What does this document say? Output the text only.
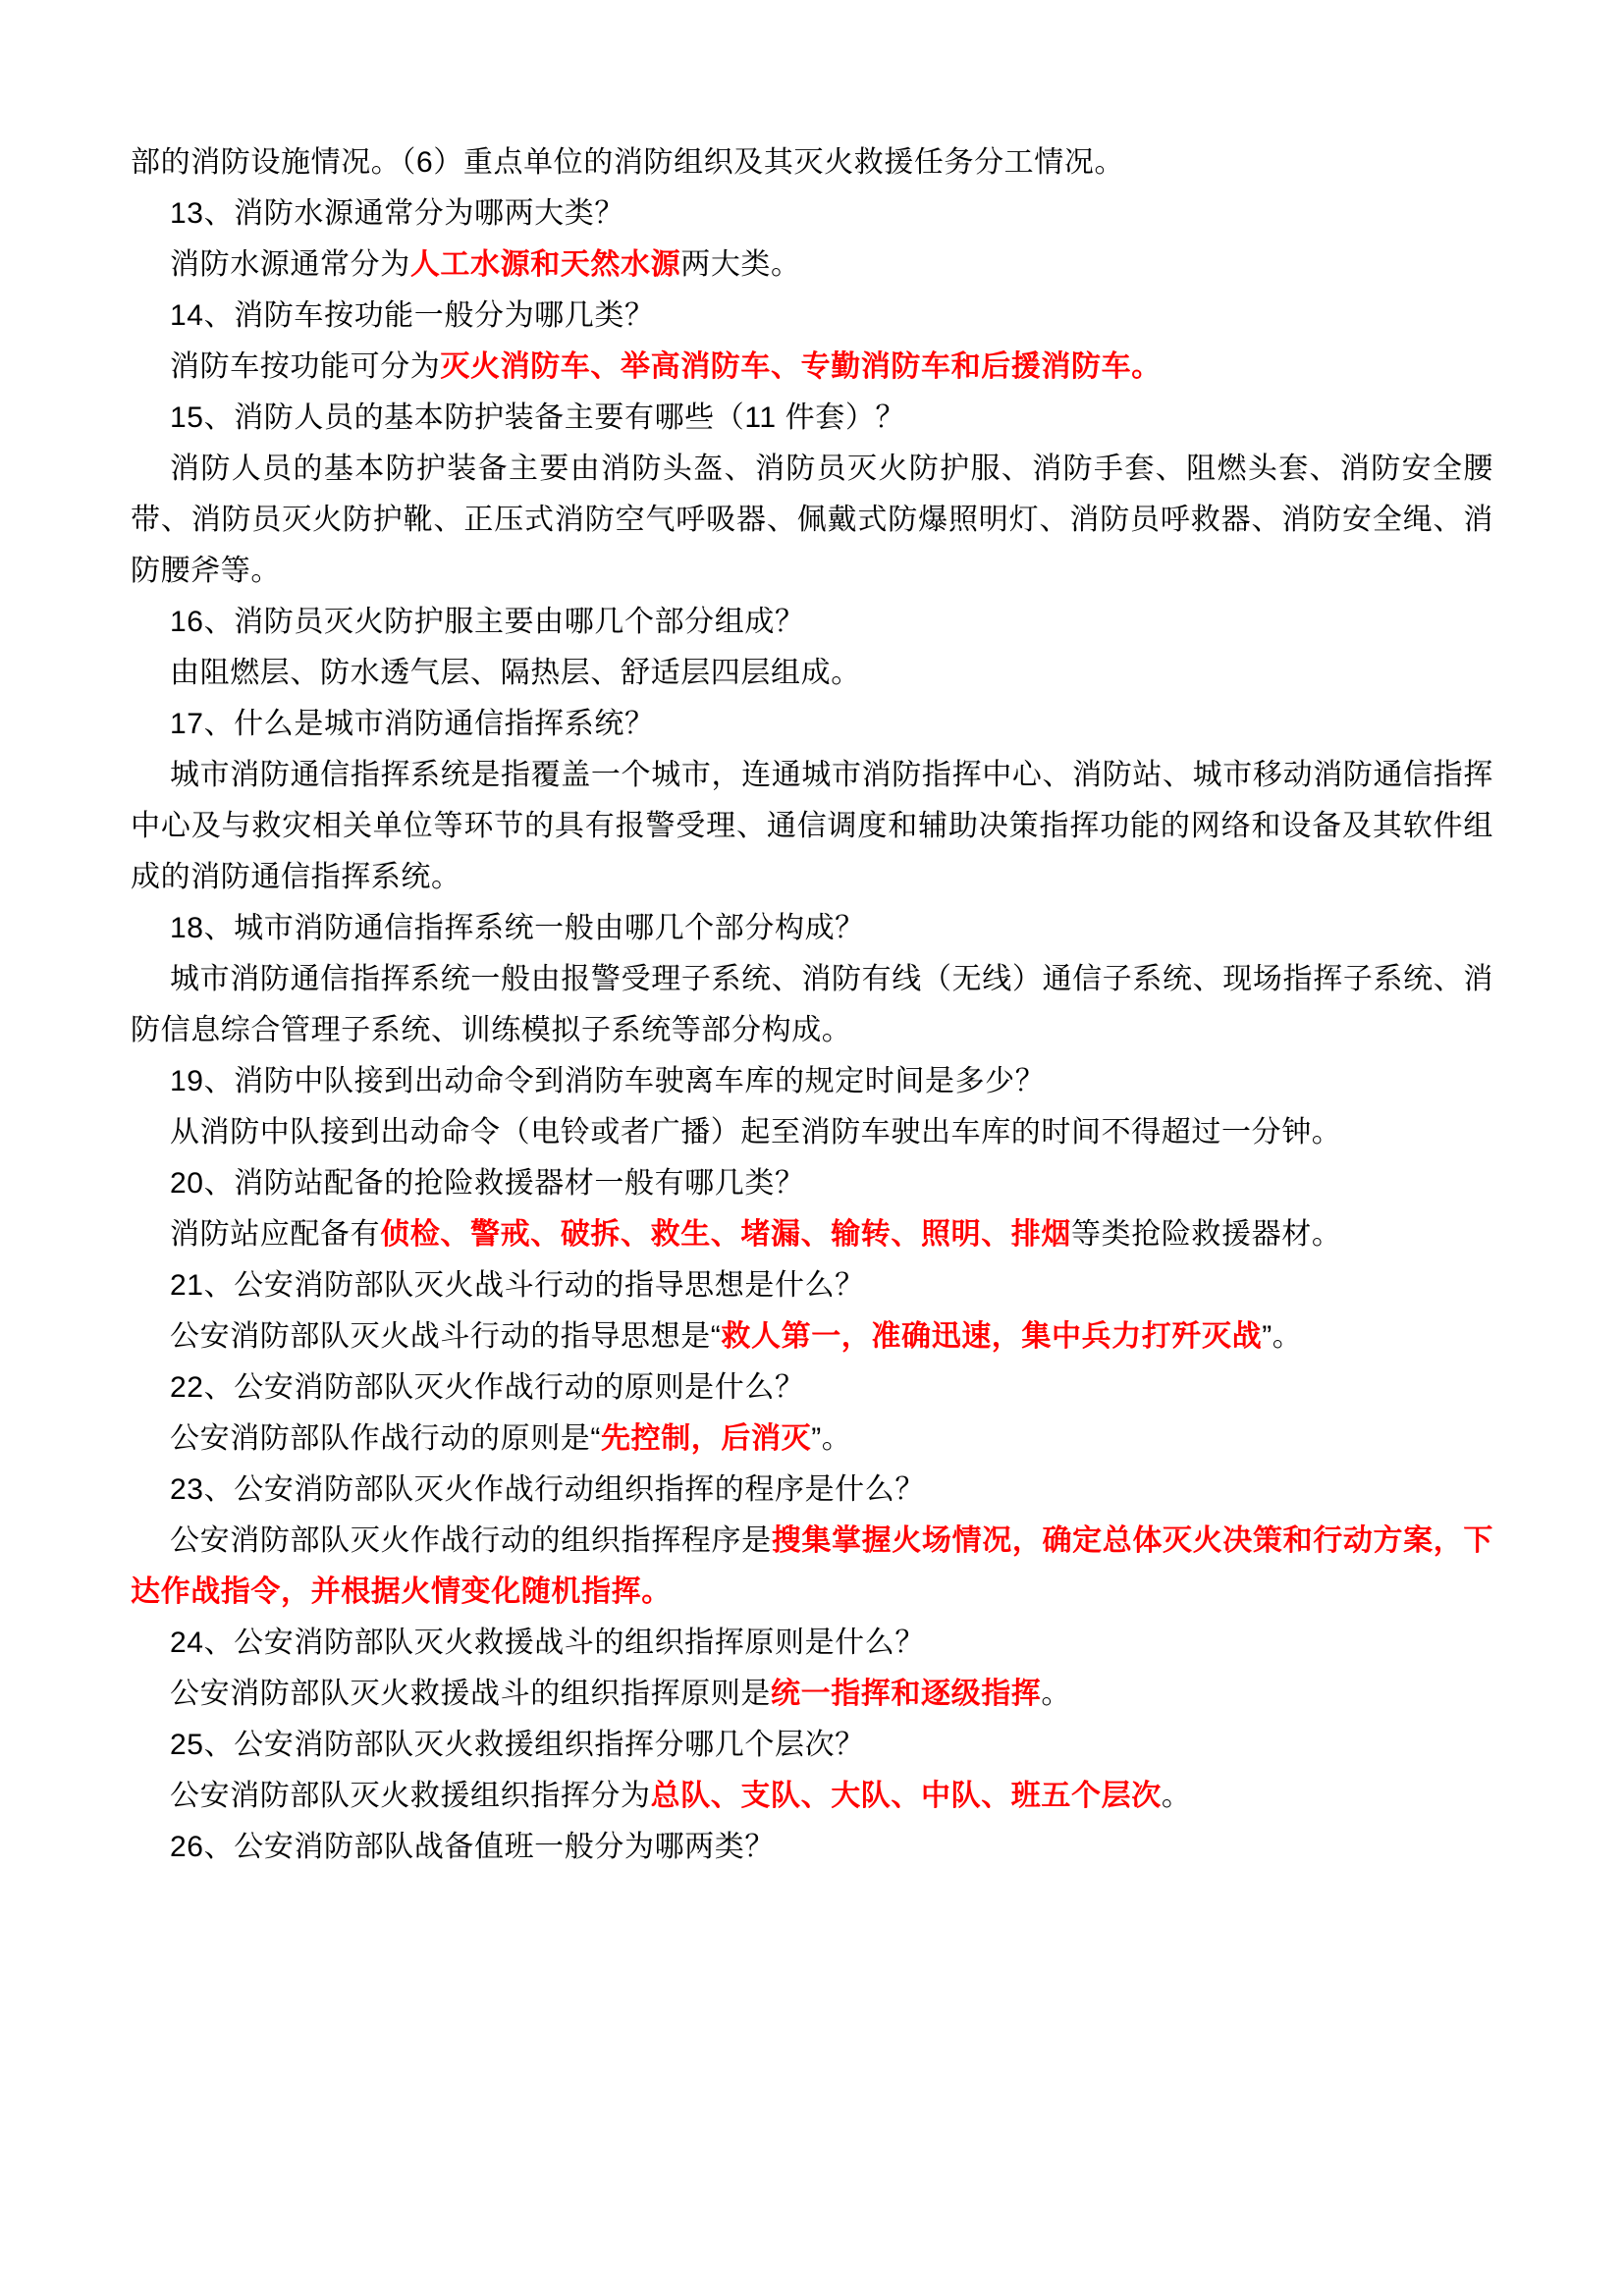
部的消防设施情况。（6）重点单位的消防组织及其灭火救援任务分工情况。

13、消防水源通常分为哪两大类？

消防水源通常分为人工水源和天然水源两大类。

14、消防车按功能一般分为哪几类？

消防车按功能可分为灭火消防车、举高消防车、专勤消防车和后援消防车。

15、消防人员的基本防护装备主要有哪些（11 件套）？

消防人员的基本防护装备主要由消防头盔、消防员灭火防护服、消防手套、阻燃头套、消防安全腰带、消防员灭火防护靴、正压式消防空气呼吸器、佩戴式防爆照明灯、消防员呼救器、消防安全绳、消防腰斧等。

16、消防员灭火防护服主要由哪几个部分组成？

由阻燃层、防水透气层、隔热层、舒适层四层组成。

17、什么是城市消防通信指挥系统？

城市消防通信指挥系统是指覆盖一个城市，连通城市消防指挥中心、消防站、城市移动消防通信指挥中心及与救灾相关单位等环节的具有报警受理、通信调度和辅助决策指挥功能的网络和设备及其软件组成的消防通信指挥系统。

18、城市消防通信指挥系统一般由哪几个部分构成？

城市消防通信指挥系统一般由报警受理子系统、消防有线（无线）通信子系统、现场指挥子系统、消防信息综合管理子系统、训练模拟子系统等部分构成。

19、消防中队接到出动命令到消防车驶离车库的规定时间是多少？

从消防中队接到出动命令（电铃或者广播）起至消防车驶出车库的时间不得超过一分钟。

20、消防站配备的抢险救援器材一般有哪几类？

消防站应配备有侦检、警戒、破拆、救生、堵漏、输转、照明、排烟等类抢险救援器材。

21、公安消防部队灭火战斗行动的指导思想是什么？

公安消防部队灭火战斗行动的指导思想是“救人第一，准确迅速，集中兵力打歼灭战”。

22、公安消防部队灭火作战行动的原则是什么？

公安消防部队作战行动的原则是“先控制，后消灭”。

23、公安消防部队灭火作战行动组织指挥的程序是什么？

公安消防部队灭火作战行动的组织指挥程序是搜集掌握火场情况，确定总体灭火决策和行动方案，下达作战指令，并根据火情变化随机指挥。

24、公安消防部队灭火救援战斗的组织指挥原则是什么？

公安消防部队灭火救援战斗的组织指挥原则是统一指挥和逐级指挥。

25、公安消防部队灭火救援组织指挥分哪几个层次？

公安消防部队灭火救援组织指挥分为总队、支队、大队、中队、班五个层次。

26、公安消防部队战备值班一般分为哪两类？
